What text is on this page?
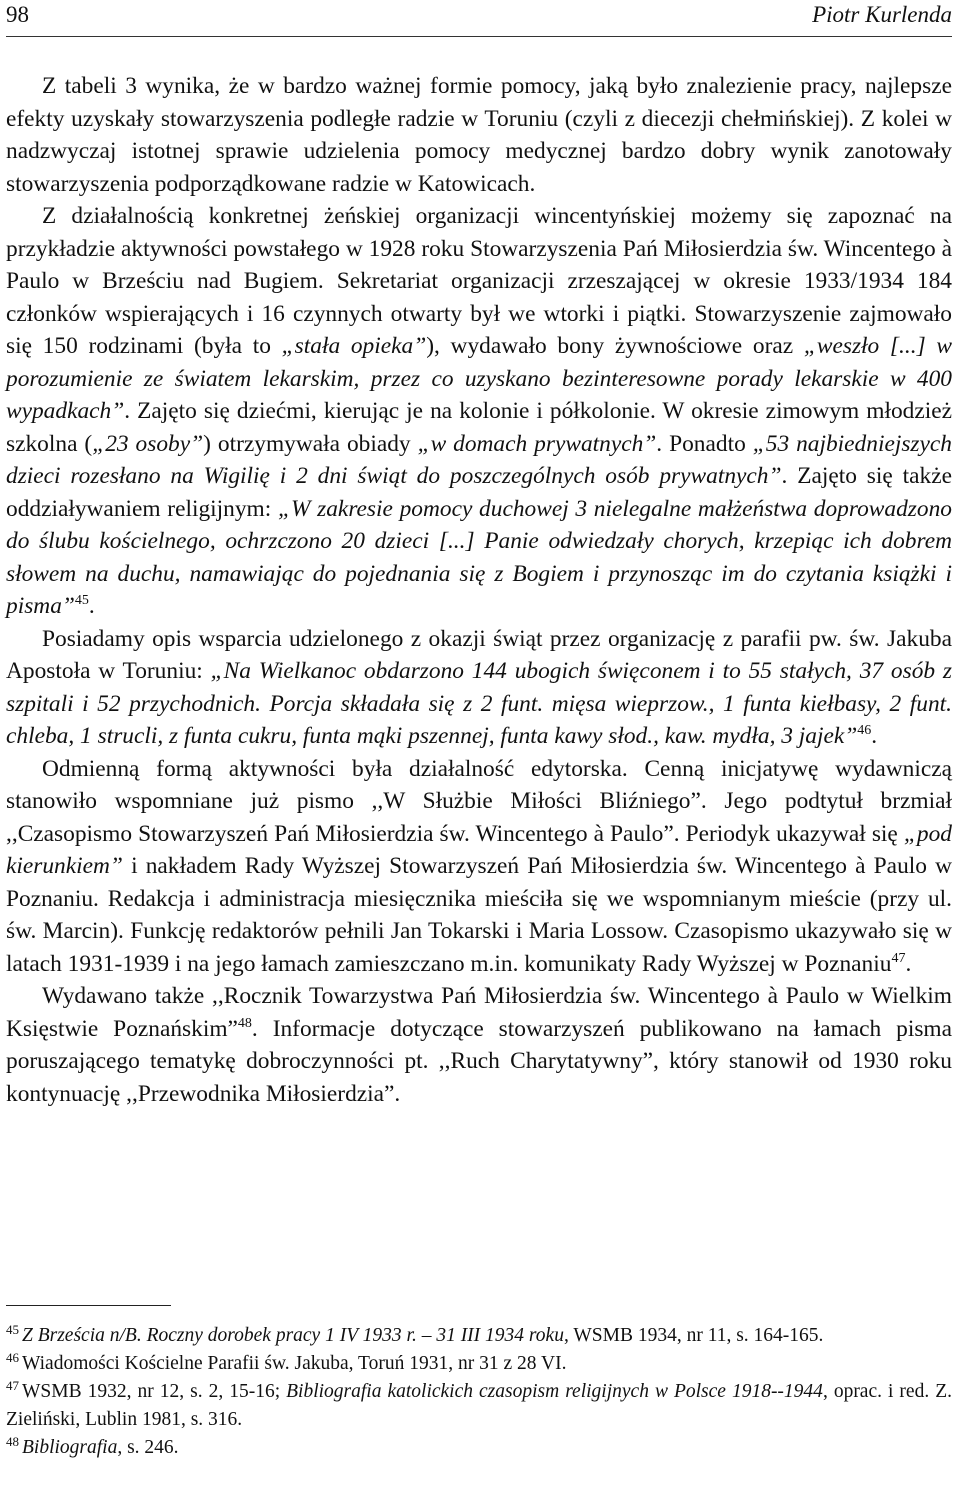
98	Piotr Kurlenda

Z tabeli 3 wynika, że w bardzo ważnej formie pomocy, jaką było znalezienie pracy, najlepsze efekty uzyskały stowarzyszenia podległe radzie w Toruniu (czyli z diecezji chełmińskiej). Z kolei w nadzwyczaj istotnej sprawie udzielenia pomocy medycznej bardzo dobry wynik zanotowały stowarzyszenia podporządkowane radzie w Katowicach.

Z działalnością konkretnej żeńskiej organizacji wincentyńskiej możemy się zapoznać na przykładzie aktywności powstałego w 1928 roku Stowarzyszenia Pań Miłosierdzia św. Wincentego à Paulo w Brześciu nad Bugiem. Sekretariat organizacji zrzeszającej w okresie 1933/1934 184 członków wspierających i 16 czynnych otwarty był we wtorki i piątki. Stowarzyszenie zajmowało się 150 rodzinami (była to „stała opieka”), wydawało bony żywnościowe oraz „weszło [...] w porozumienie ze światem lekarskim, przez co uzyskano bezinteresowne porady lekarskie w 400 wypadkach”. Zajęto się dziećmi, kierując je na kolonie i półkolonie. W okresie zimowym młodzież szkolna („23 osoby”) otrzymywała obiady „w domach prywatnych”. Ponadto „53 najbiedniejszych dzieci rozesłano na Wigilię i 2 dni świąt do poszczególnych osób prywatnych”. Zajęto się także oddziaływaniem religijnym: „W zakresie pomocy duchowej 3 nielegalne małżeństwa doprowadzono do ślubu kościelnego, ochrzczono 20 dzieci [...] Panie odwiedzały chorych, krzepiąc ich dobrem słowem na duchu, namawiając do pojednania się z Bogiem i przynosząc im do czytania książki i pisma”$^{45}$.

Posiadamy opis wsparcia udzielonego z okazji świąt przez organizację z parafii pw. św. Jakuba Apostoła w Toruniu: „Na Wielkanoc obdarzono 144 ubogich święconem i to 55 stałych, 37 osób z szpitali i 52 przychodnich. Porcja składała się z 2 funt. mięsa wieprzow., 1 funta kiełbasy, 2 funt. chleba, 1 strucli, z funta cukru, funta mąki pszennej, funta kawy słod., kaw. mydła, 3 jajek”$^{46}$.

Odmienną formą aktywności była działalność edytorska. Cenną inicjatywę wydawniczą stanowiło wspomniane już pismo ,,W Służbie Miłości Bliźniego”. Jego podtytuł brzmiał ,,Czasopismo Stowarzyszeń Pań Miłosierdzia św. Wincentego à Paulo”. Periodyk ukazywał się „pod kierunkiem” i nakładem Rady Wyższej Stowarzyszeń Pań Miłosierdzia św. Wincentego à Paulo w Poznaniu. Redakcja i administracja miesięcznika mieściła się we wspomnianym mieście (przy ul. św. Marcin). Funkcję redaktorów pełnili Jan Tokarski i Maria Lossow. Czasopismo ukazywało się w latach 1931-1939 i na jego łamach zamieszczano m.in. komunikaty Rady Wyższej w Poznaniu$^{47}$.

Wydawano także ,,Rocznik Towarzystwa Pań Miłosierdzia św. Wincentego à Paulo w Wielkim Księstwie Poznańskim”$^{48}$. Informacje dotyczące stowarzyszeń publikowano na łamach pisma poruszającego tematykę dobroczynności pt. ,,Ruch Charytatywny”, który stanowił od 1930 roku kontynuację ,,Przewodnika Miłosierdzia”.

$^{45}$ Z Brześcia n/B. Roczny dorobek pracy 1 IV 1933 r. – 31 III 1934 roku, WSMB 1934, nr 11, s. 164-165.

$^{46}$ Wiadomości Kościelne Parafii św. Jakuba, Toruń 1931, nr 31 z 28 VI.

$^{47}$ WSMB 1932, nr 12, s. 2, 15-16; Bibliografia katolickich czasopism religijnych w Polsce 1918--1944, oprac. i red. Z. Zieliński, Lublin 1981, s. 316.

$^{48}$ Bibliografia, s. 246.
